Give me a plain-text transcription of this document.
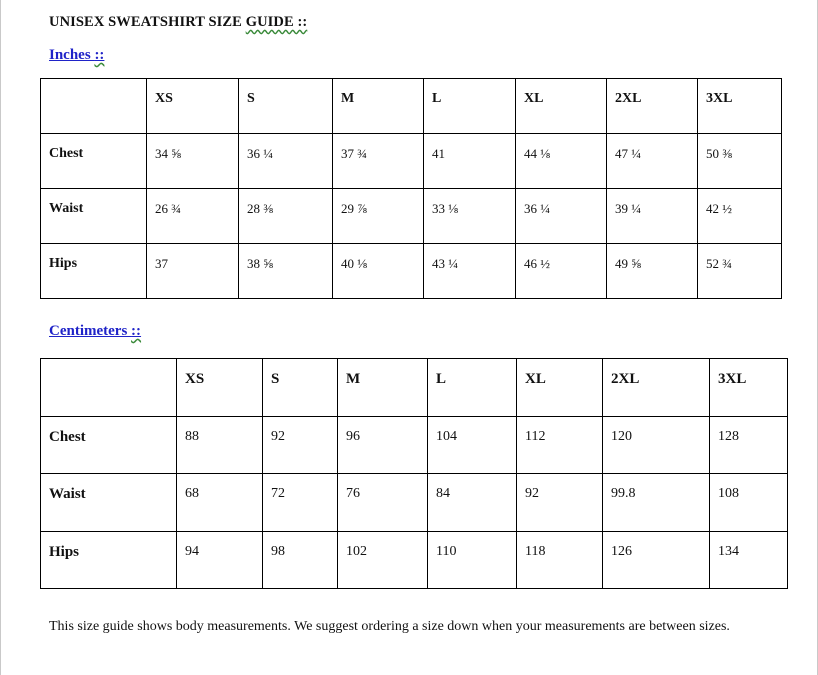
UNISEX SWEATSHIRT SIZE GUIDE ::
Inches ::
	XS	S	M	L	XL	2XL	3XL
Chest	34 ⅝	36 ¼	37 ¾	41	44 ⅛	47 ¼	50 ⅜
Waist	26 ¾	28 ⅜	29 ⅞	33 ⅛	36 ¼	39 ¼	42 ½
Hips	37	38 ⅝	40 ⅛	43 ¼	46 ½	49 ⅝	52 ¾
Centimeters ::
	XS	S	M	L	XL	2XL	3XL
Chest	88	92	96	104	112	120	128
Waist	68	72	76	84	92	99.8	108
Hips	94	98	102	110	118	126	134
This size guide shows body measurements. We suggest ordering a size down when your measurements are between sizes.
